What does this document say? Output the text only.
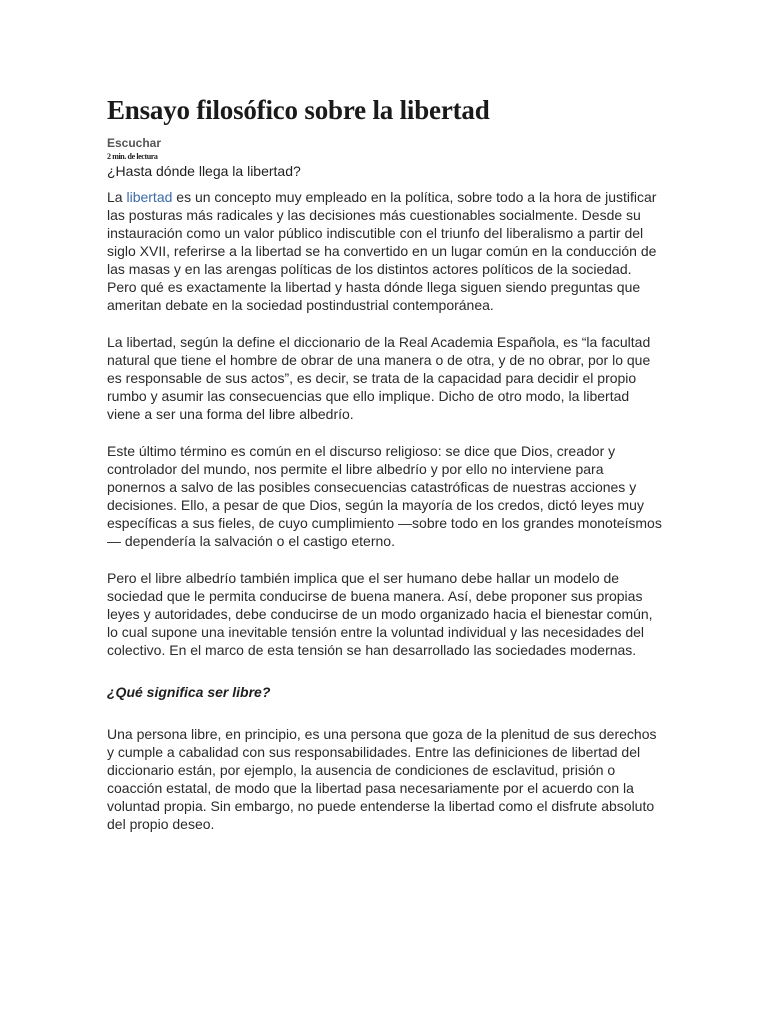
Ensayo filosófico sobre la libertad
Escuchar
2 min. de lectura
¿Hasta dónde llega la libertad?

La libertad es un concepto muy empleado en la política, sobre todo a la hora de justificar las posturas más radicales y las decisiones más cuestionables socialmente. Desde su instauración como un valor público indiscutible con el triunfo del liberalismo a partir del siglo XVII, referirse a la libertad se ha convertido en un lugar común en la conducción de las masas y en las arengas políticas de los distintos actores políticos de la sociedad. Pero qué es exactamente la libertad y hasta dónde llega siguen siendo preguntas que ameritan debate en la sociedad postindustrial contemporánea.

La libertad, según la define el diccionario de la Real Academia Española, es “la facultad natural que tiene el hombre de obrar de una manera o de otra, y de no obrar, por lo que es responsable de sus actos”, es decir, se trata de la capacidad para decidir el propio rumbo y asumir las consecuencias que ello implique. Dicho de otro modo, la libertad viene a ser una forma del libre albedrío.

Este último término es común en el discurso religioso: se dice que Dios, creador y controlador del mundo, nos permite el libre albedrío y por ello no interviene para ponernos a salvo de las posibles consecuencias catastróficas de nuestras acciones y decisiones. Ello, a pesar de que Dios, según la mayoría de los credos, dictó leyes muy específicas a sus fieles, de cuyo cumplimiento —sobre todo en los grandes monoteísmos— dependería la salvación o el castigo eterno.

Pero el libre albedrío también implica que el ser humano debe hallar un modelo de sociedad que le permita conducirse de buena manera. Así, debe proponer sus propias leyes y autoridades, debe conducirse de un modo organizado hacia el bienestar común, lo cual supone una inevitable tensión entre la voluntad individual y las necesidades del colectivo. En el marco de esta tensión se han desarrollado las sociedades modernas.

¿Qué significa ser libre?

Una persona libre, en principio, es una persona que goza de la plenitud de sus derechos y cumple a cabalidad con sus responsabilidades. Entre las definiciones de libertad del diccionario están, por ejemplo, la ausencia de condiciones de esclavitud, prisión o coacción estatal, de modo que la libertad pasa necesariamente por el acuerdo con la voluntad propia. Sin embargo, no puede entenderse la libertad como el disfrute absoluto del propio deseo.
